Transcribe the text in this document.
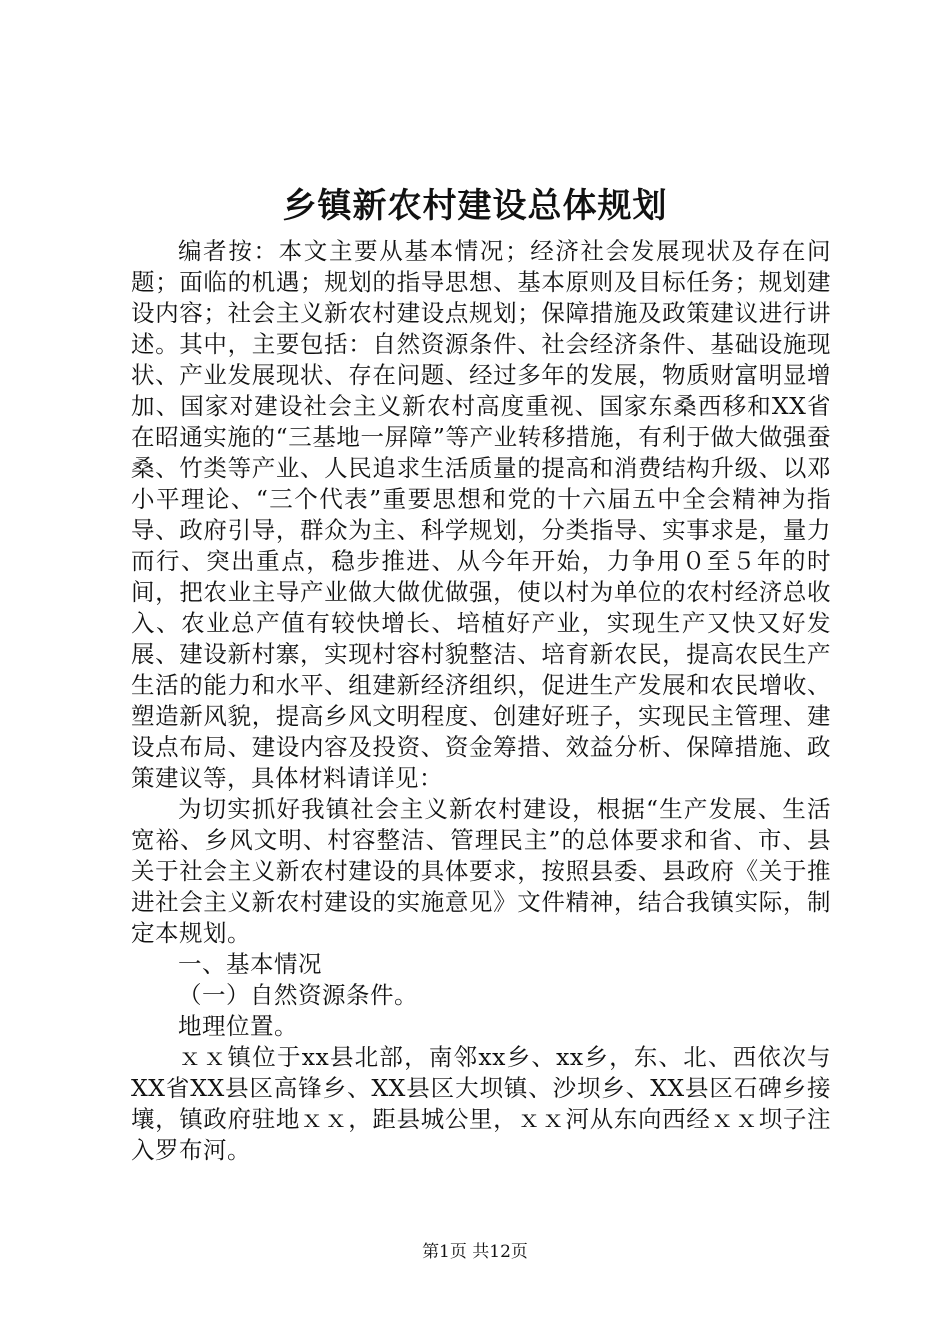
乡镇新农村建设总体规划

编者按：本文主要从基本情况；经济社会发展现状及存在问题；面临的机遇；规划的指导思想、基本原则及目标任务；规划建设内容；社会主义新农村建设点规划；保障措施及政策建议进行讲述。其中，主要包括：自然资源条件、社会经济条件、基础设施现状、产业发展现状、存在问题、经过多年的发展，物质财富明显增加、国家对建设社会主义新农村高度重视、国家东桑西移和XX省在昭通实施的“三基地一屏障”等产业转移措施，有利于做大做强蚕桑、竹类等产业、人民追求生活质量的提高和消费结构升级、以邓小平理论、“三个代表”重要思想和党的十六届五中全会精神为指导、政府引导，群众为主、科学规划，分类指导、实事求是，量力而行、突出重点，稳步推进、从今年开始，力争用０至５年的时间，把农业主导产业做大做优做强，使以村为单位的农村经济总收入、农业总产值有较快增长、培植好产业，实现生产又快又好发展、建设新村寨，实现村容村貌整洁、培育新农民，提高农民生产生活的能力和水平、组建新经济组织，促进生产发展和农民增收、塑造新风貌，提高乡风文明程度、创建好班子，实现民主管理、建设点布局、建设内容及投资、资金筹措、效益分析、保障措施、政策建议等，具体材料请详见：

为切实抓好我镇社会主义新农村建设，根据“生产发展、生活宽裕、乡风文明、村容整洁、管理民主”的总体要求和省、市、县关于社会主义新农村建设的具体要求，按照县委、县政府《关于推进社会主义新农村建设的实施意见》文件精神，结合我镇实际，制定本规划。

一、基本情况

（一）自然资源条件。

地理位置。

ｘｘ镇位于xx县北部，南邻xx乡、xx乡，东、北、西依次与XX省XX县区高锋乡、XX县区大坝镇、沙坝乡、XX县区石碑乡接壤，镇政府驻地ｘｘ，距县城公里，ｘｘ河从东向西经ｘｘ坝子注入罗布河。

第1页 共12页
